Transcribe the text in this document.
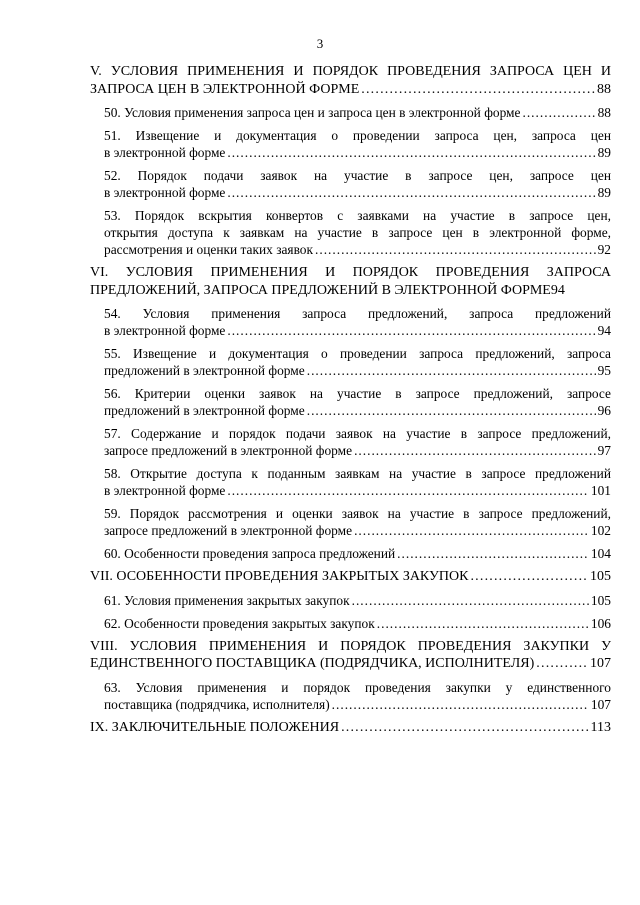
3
V. УСЛОВИЯ ПРИМЕНЕНИЯ И ПОРЯДОК ПРОВЕДЕНИЯ ЗАПРОСА ЦЕН И
ЗАПРОСА ЦЕН В ЭЛЕКТРОННОЙ ФОРМЕ .....	88
50. Условия применения запроса цен и запроса цен в электронной форме .....	88
51. Извещение и документация о проведении запроса цен, запроса цен
в электронной форме .....	89
52. Порядок подачи заявок на участие в запросе цен, запросе цен
в электронной форме .....	89
53. Порядок вскрытия конвертов с заявками на участие в запросе цен,
открытия доступа к заявкам на участие в запросе цен в электронной форме,
рассмотрения и оценки таких заявок .....	92
VI. УСЛОВИЯ ПРИМЕНЕНИЯ И ПОРЯДОК ПРОВЕДЕНИЯ ЗАПРОСА
ПРЕДЛОЖЕНИЙ, ЗАПРОСА ПРЕДЛОЖЕНИЙ В ЭЛЕКТРОННОЙ ФОРМЕ 94
54. Условия применения запроса предложений, запроса предложений
в электронной форме .....	94
55. Извещение и документация о проведении запроса предложений, запроса
предложений в электронной форме .....	95
56. Критерии оценки заявок на участие в запросе предложений, запросе
предложений в электронной форме .....	96
57. Содержание и порядок подачи заявок на участие в запросе предложений,
запросе предложений в электронной форме .....	97
58. Открытие доступа к поданным заявкам на участие в запросе предложений
в электронной форме .....	101
59. Порядок рассмотрения и оценки заявок на участие в запросе предложений,
запросе предложений в электронной форме .....	102
60. Особенности проведения запроса предложений .....	104
VII. ОСОБЕННОСТИ ПРОВЕДЕНИЯ ЗАКРЫТЫХ ЗАКУПОК .....	105
61. Условия применения закрытых закупок .....	105
62. Особенности проведения закрытых закупок .....	106
VIII. УСЛОВИЯ ПРИМЕНЕНИЯ И ПОРЯДОК ПРОВЕДЕНИЯ ЗАКУПКИ У
ЕДИНСТВЕННОГО ПОСТАВЩИКА (ПОДРЯДЧИКА, ИСПОЛНИТЕЛЯ) .....	107
63. Условия применения и порядок проведения закупки у единственного
поставщика (подрядчика, исполнителя) .....	107
IX. ЗАКЛЮЧИТЕЛЬНЫЕ ПОЛОЖЕНИЯ .....	113
